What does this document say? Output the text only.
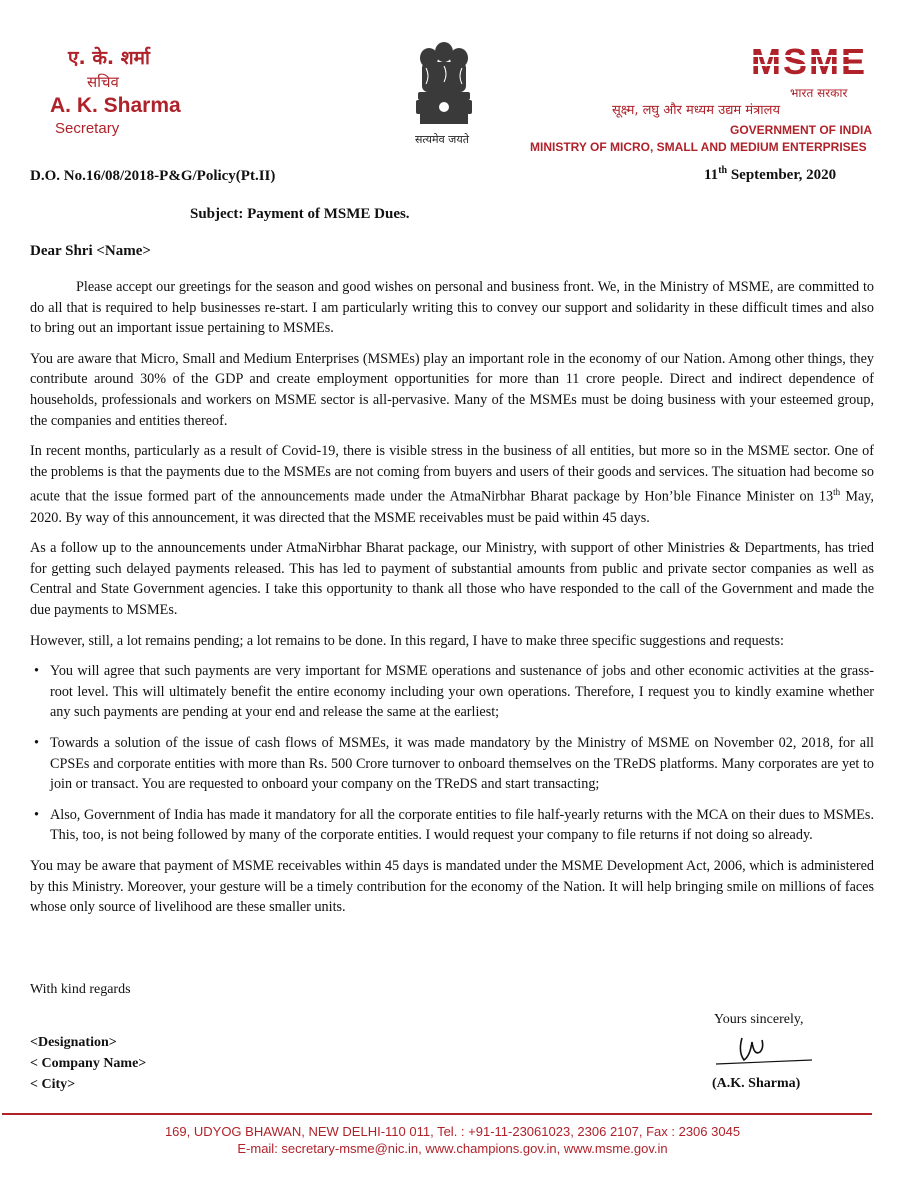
ए. के. शर्मा
सचिव
A. K. Sharma
Secretary
सत्यमेव जयते
MSME
भारत सरकार
सूक्ष्म, लघु और मध्यम उद्यम मंत्रालय
GOVERNMENT OF INDIA
MINISTRY OF MICRO, SMALL AND MEDIUM ENTERPRISES
D.O. No.16/08/2018-P&G/Policy(Pt.II)	11th September, 2020
Subject: Payment of MSME Dues.
Dear Shri <Name>

Please accept our greetings for the season and good wishes on personal and business front. We, in the Ministry of MSME, are committed to do all that is required to help businesses re-start. I am particularly writing this to convey our support and solidarity in these difficult times and also to bring out an important issue pertaining to MSMEs.

You are aware that Micro, Small and Medium Enterprises (MSMEs) play an important role in the economy of our Nation. Among other things, they contribute around 30% of the GDP and create employment opportunities for more than 11 crore people. Direct and indirect dependence of households, professionals and workers on MSME sector is all-pervasive. Many of the MSMEs must be doing business with your esteemed group, the companies and entities thereof.

In recent months, particularly as a result of Covid-19, there is visible stress in the business of all entities, but more so in the MSME sector. One of the problems is that the payments due to the MSMEs are not coming from buyers and users of their goods and services. The situation had become so acute that the issue formed part of the announcements made under the AtmaNirbhar Bharat package by Hon’ble Finance Minister on 13th May, 2020. By way of this announcement, it was directed that the MSME receivables must be paid within 45 days.

As a follow up to the announcements under AtmaNirbhar Bharat package, our Ministry, with support of other Ministries & Departments, has tried for getting such delayed payments released. This has led to payment of substantial amounts from public and private sector companies as well as Central and State Government agencies. I take this opportunity to thank all those who have responded to the call of the Government and made the due payments to MSMEs.

However, still, a lot remains pending; a lot remains to be done. In this regard, I have to make three specific suggestions and requests:

• You will agree that such payments are very important for MSME operations and sustenance of jobs and other economic activities at the grass-root level. This will ultimately benefit the entire economy including your own operations. Therefore, I request you to kindly examine whether any such payments are pending at your end and release the same at the earliest;
• Towards a solution of the issue of cash flows of MSMEs, it was made mandatory by the Ministry of MSME on November 02, 2018, for all CPSEs and corporate entities with more than Rs. 500 Crore turnover to onboard themselves on the TReDS platforms. Many corporates are yet to join or transact. You are requested to onboard your company on the TReDS and start transacting;
• Also, Government of India has made it mandatory for all the corporate entities to file half-yearly returns with the MCA on their dues to MSMEs. This, too, is not being followed by many of the corporate entities. I would request your company to file returns if not doing so already.

You may be aware that payment of MSME receivables within 45 days is mandated under the MSME Development Act, 2006, which is administered by this Ministry. Moreover, your gesture will be a timely contribution for the economy of the Nation. It will help bringing smile on millions of faces whose only source of livelihood are these smaller units.

With kind regards
Yours sincerely,
(A.K. Sharma)
<Designation>
< Company Name>
< City>
169, UDYOG BHAWAN, NEW DELHI-110 011, Tel. : +91-11-23061023, 2306 2107, Fax : 2306 3045
E-mail: secretary-msme@nic.in, www.champions.gov.in, www.msme.gov.in
